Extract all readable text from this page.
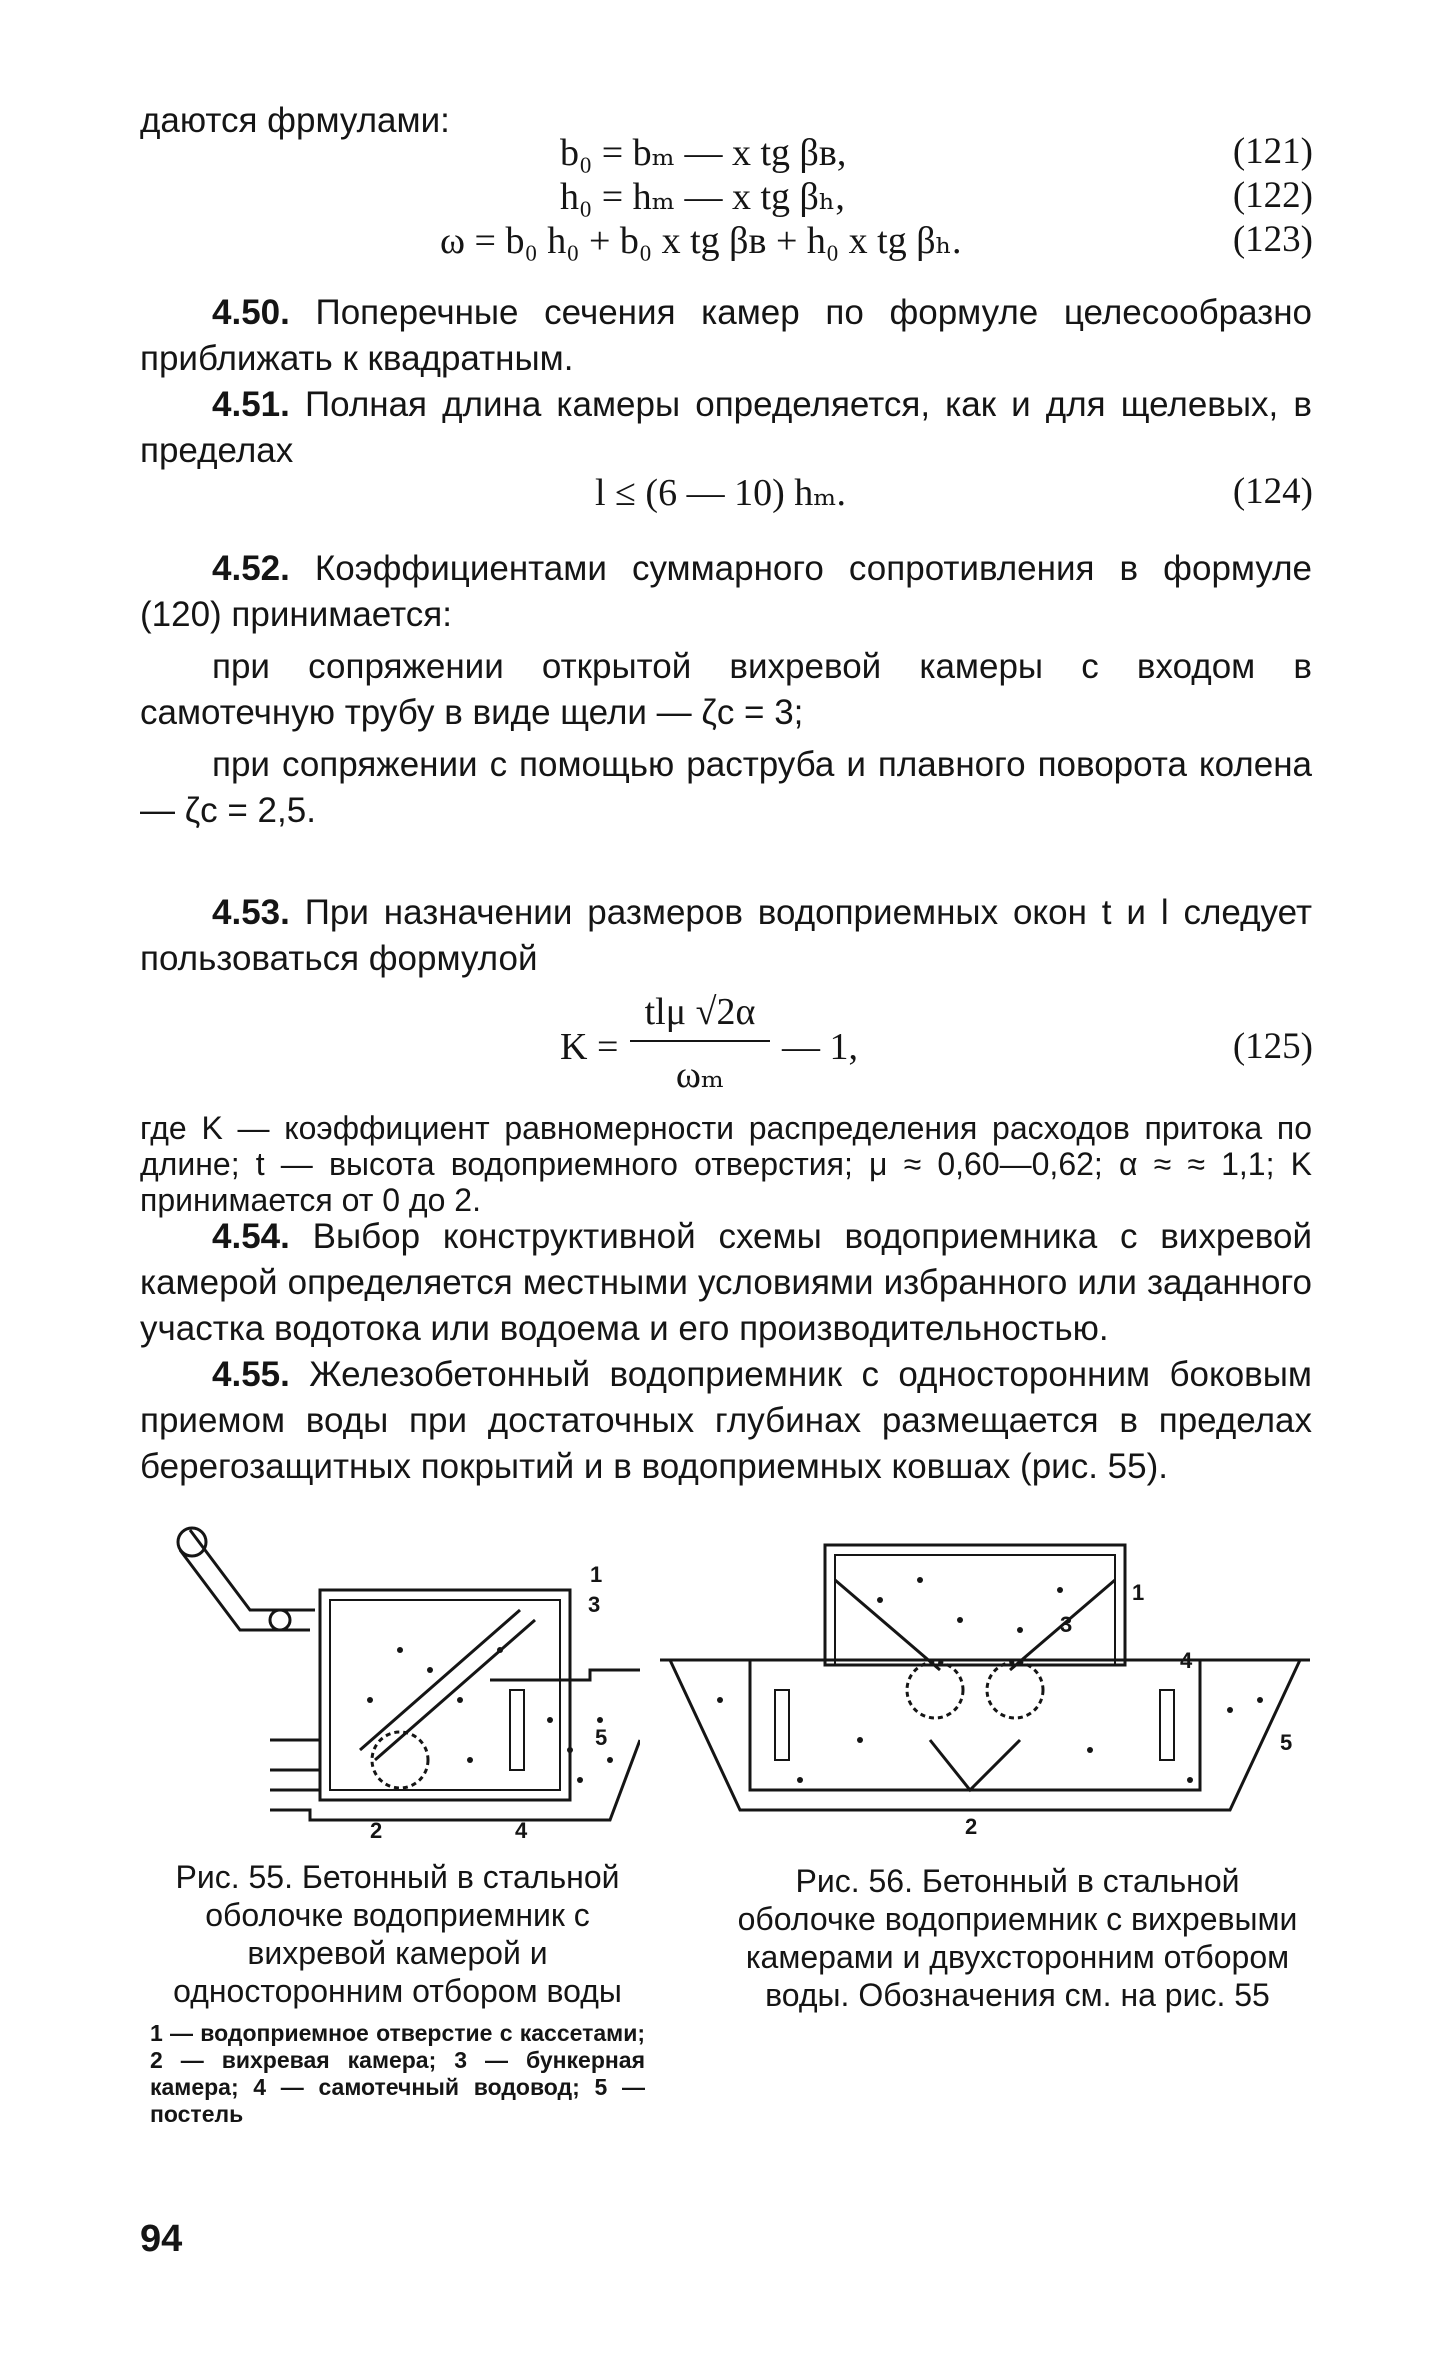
даются фрмулами:
b₀ = bₘ — x tg βв,	(121)
h₀ = hₘ — x tg βₕ,	(122)
ω = b₀ h₀ + b₀ x tg βв + h₀ x tg βₕ.	(123)

4.50. Поперечные сечения камер по формуле целесообразно приближать к квадратным.

4.51. Полная длина камеры определяется, как и для щелевых, в пределах

l ≤ (6 — 10) hₘ.	(124)

4.52. Коэффициентами суммарного сопротивления в формуле (120) принимается:

при сопряжении открытой вихревой камеры с входом в самотечную трубу в виде щели — ζс = 3;

при сопряжении с помощью раструба и плавного поворота колена — ζс = 2,5.

4.53. При назначении размеров водоприемных окон t и l следует пользоваться формулой

K =
tlμ √2α
ωₘ
— 1,	(125)

где K — коэффициент равномерности распределения расходов притока по длине; t — высота водоприемного отверстия; μ ≈ 0,60—0,62; α ≈ ≈ 1,1; K принимается от 0 до 2.

4.54. Выбор конструктивной схемы водоприемника с вихревой камерой определяется местными условиями избранного или заданного участка водотока или водоема и его производительностью.

4.55. Железобетонный водоприемник с односторонним боковым приемом воды при достаточных глубинах размещается в пределах берегозащитных покрытий и в водоприемных ковшах (рис. 55).

1
3
5
2	4
1
3
4
5
2
Рис. 55. Бетонный в стальной оболочке водоприемник с вихревой камерой и односторонним отбором воды
1 — водоприемное отверстие с кассетами; 2 — вихревая камера; 3 — бункерная камера; 4 — самотечный водовод; 5 — постель
Рис. 56. Бетонный в стальной оболочке водоприемник с вихревыми камерами и двухсторонним отбором воды. Обозначения см. на рис. 55
94
